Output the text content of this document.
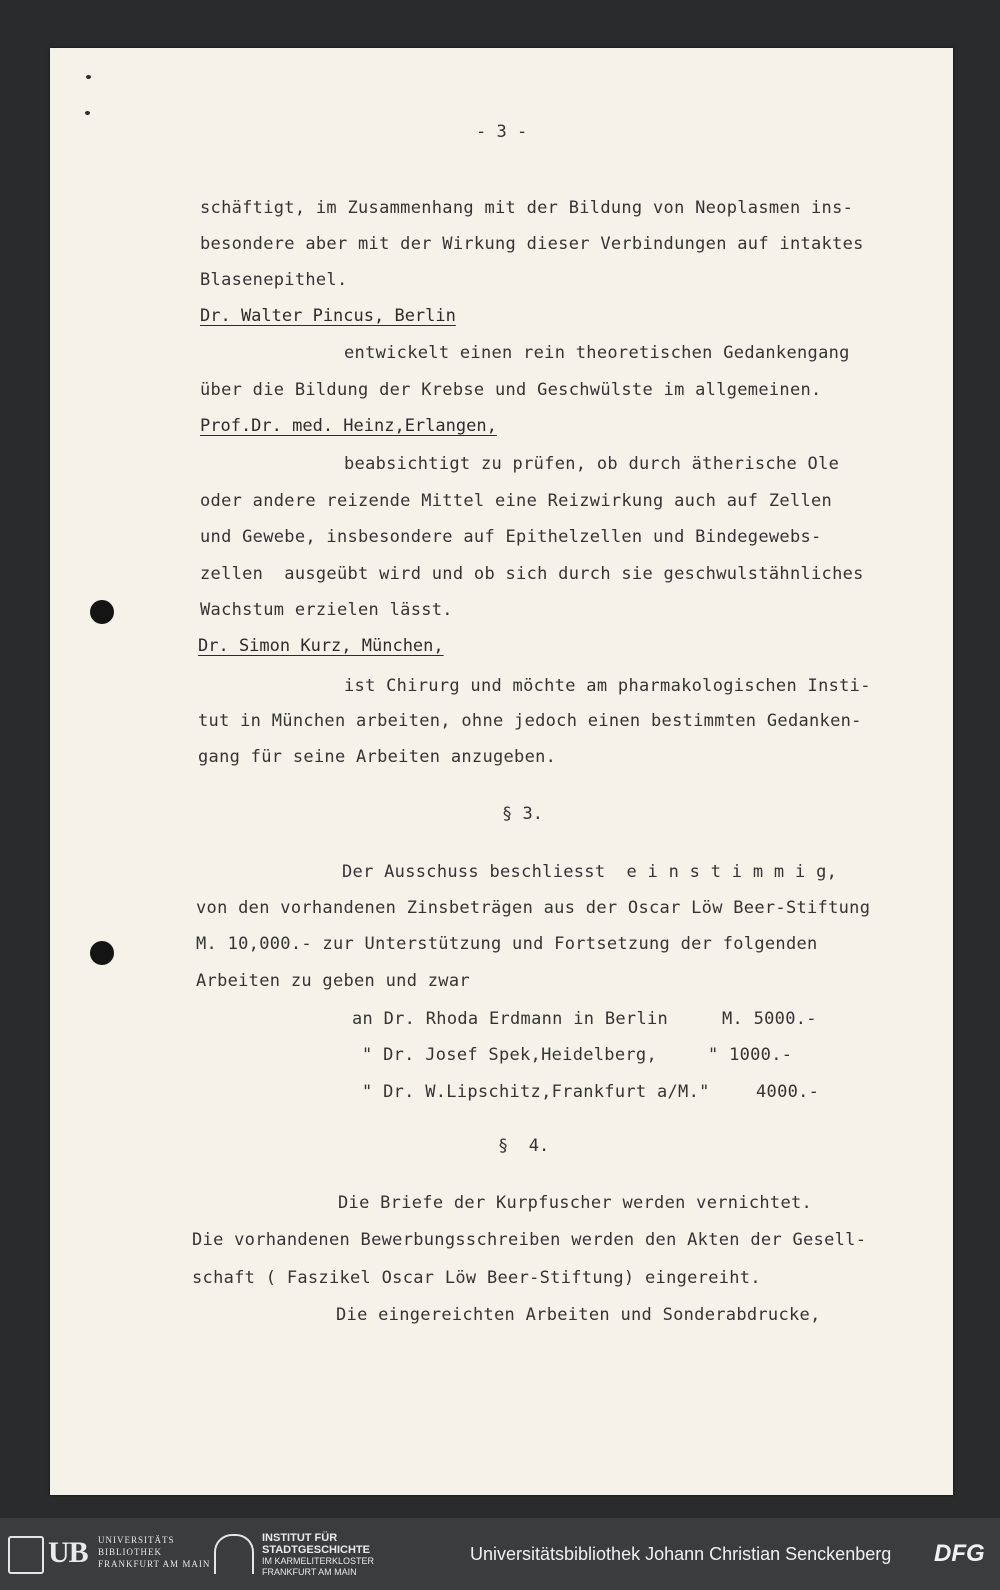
- 3 -
schäftigt, im Zusammenhang mit der Bildung von Neoplasmen ins-
besondere aber mit der Wirkung dieser Verbindungen auf intaktes
Blasenepithel.
Dr. Walter Pincus, Berlin
entwickelt einen rein theoretischen Gedankengang
über die Bildung der Krebse und Geschwülste im allgemeinen.
Prof.Dr. med. Heinz,Erlangen,
beabsichtigt zu prüfen, ob durch ätherische Ole
oder andere reizende Mittel eine Reizwirkung auch auf Zellen
und Gewebe, insbesondere auf Epithelzellen und Bindegewebs-
zellen  ausgeübt wird und ob sich durch sie geschwulstähnliches
Wachstum erzielen lässt.
Dr. Simon Kurz, München,
ist Chirurg und möchte am pharmakologischen Insti-
tut in München arbeiten, ohne jedoch einen bestimmten Gedanken-
gang für seine Arbeiten anzugeben.
§ 3.
Der Ausschuss beschliesst  e i n s t i m m i g,
von den vorhandenen Zinsbeträgen aus der Oscar Löw Beer-Stiftung
M. 10,000.- zur Unterstützung und Fortsetzung der folgenden
Arbeiten zu geben und zwar
an Dr. Rhoda Erdmann in Berlin	M. 5000.-
" Dr. Josef Spek,Heidelberg,	" 1000.-
" Dr. W.Lipschitz,Frankfurt a/M."	4000.-
§  4.
Die Briefe der Kurpfuscher werden vernichtet.
Die vorhandenen Bewerbungsschreiben werden den Akten der Gesell-
schaft ( Faszikel Oscar Löw Beer-Stiftung) eingereiht.
Die eingereichten Arbeiten und Sonderabdrucke,
UB UNIVERSITÄTS
BIBLIOTHEK
FRANKFURT AM MAIN
INSTITUT FÜR
STADTGESCHICHTE
IM KARMELITERKLOSTER
FRANKFURT AM MAIN
Universitätsbibliothek Johann Christian Senckenberg DFG
